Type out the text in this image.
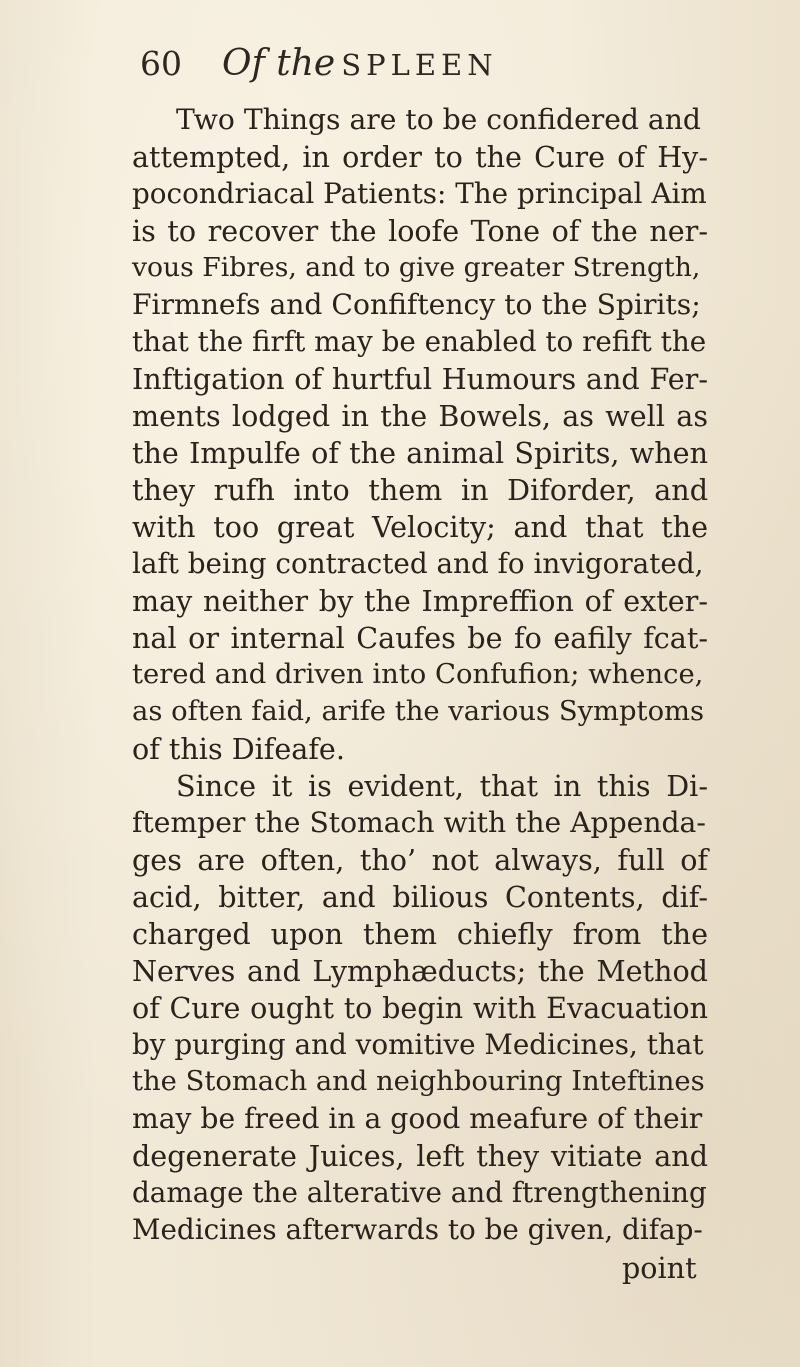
60 Of the SPLEEN
Two Things are to be confidered and
attempted, in order to the Cure of Hy-
pocondriacal Patients: The principal Aim
is to recover the loofe Tone of the ner-
vous Fibres, and to give greater Strength,
Firmnefs and Confiftency to the Spirits;
that the firft may be enabled to refift the
Inftigation of hurtful Humours and Fer-
ments lodged in the Bowels, as well as
the Impulfe of the animal Spirits, when
they rufh into them in Diforder, and
with too great Velocity; and that the
laft being contracted and fo invigorated,
may neither by the Impreffion of exter-
nal or internal Caufes be fo eafily fcat-
tered and driven into Confufion; whence,
as often faid, arife the various Symptoms
of this Difeafe.
Since it is evident, that in this Di-
ftemper the Stomach with the Appenda-
ges are often, tho’ not always, full of
acid, bitter, and bilious Contents, dif-
charged upon them chiefly from the
Nerves and Lymphæducts; the Method
of Cure ought to begin with Evacuation
by purging and vomitive Medicines, that
the Stomach and neighbouring Inteftines
may be freed in a good meafure of their
degenerate Juices, left they vitiate and
damage the alterative and ftrengthening
Medicines afterwards to be given, difap-
point
